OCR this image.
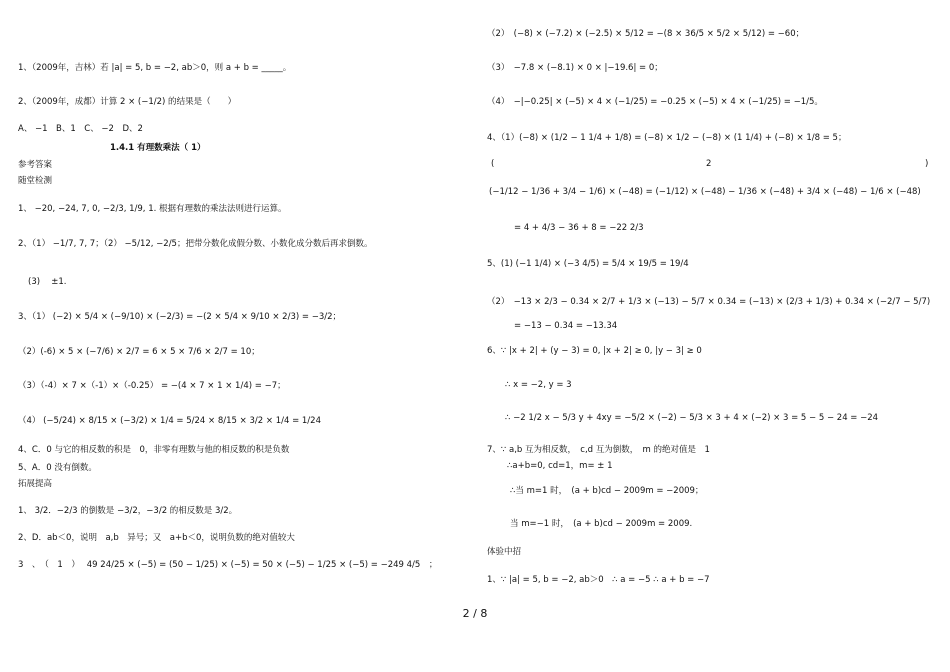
1、（2009年，吉林）若 |a| = 5, b = −2, ab＞0，则 a + b = _____。
2、（2009年，成都）计算 2 × (−1/2) 的结果是（　　）
A、 −1　B、1　C、 −2　D、2
1.4.1 有理数乘法（ 1）
参考答案
随堂检测
1、 −20, −24, 7, 0, −2/3, 1/9, 1. 根据有理数的乘法法则进行运算。
2、（1） −1/7, 7, 7；（2） −5/12, −2/5；把带分数化成假分数、小数化成分数后再求倒数。
(3)　 ±1.
3、（1） (−2) × 5/4 × (−9/10) × (−2/3) = −(2 × 5/4 × 9/10 × 2/3) = −3/2；
（2）(-6) × 5 × (−7/6) × 2/7 = 6 × 5 × 7/6 × 2/7 = 10；
（3）（-4）× 7 ×（-1）×（-0.25） = −(4 × 7 × 1 × 1/4) = −7；
（4） (−5/24) × 8/15 × (−3/2) × 1/4 = 5/24 × 8/15 × 3/2 × 1/4 = 1/24
4、C．0 与它的相反数的积是　0，非零有理数与他的相反数的积是负数
5、A．0 没有倒数。
拓展提高
1、 3/2．−2/3 的倒数是 −3/2，−3/2 的相反数是 3/2。
2、D．ab＜0，说明　a,b　异号；又　a+b＜0，说明负数的绝对值较大
3　、　（　1　）　 49 24/25 × (−5) = (50 − 1/25) × (−5) = 50 × (−5) − 1/25 × (−5) = −249 4/5　；
（2）　(−8) × (−7.2) × (−2.5) × 5/12 = −(8 × 36/5 × 5/2 × 5/12) = −60；
（3）　−7.8 × (−8.1) × 0 × |−19.6| = 0；
（4）　−|−0.25| × (−5) × 4 × (−1/25) = −0.25 × (−5) × 4 × (−1/25) = −1/5。
4、（1）(−8) × (1/2 − 1 1/4 + 1/8) = (−8) × 1/2 − (−8) × (1 1/4) + (−8) × 1/8 = 5；
(	2	)
(−1/12 − 1/36 + 3/4 − 1/6) × (−48) = (−1/12) × (−48) − 1/36 × (−48) + 3/4 × (−48) − 1/6 × (−48)
= 4 + 4/3 − 36 + 8 = −22 2/3
5、(1) (−1 1/4) × (−3 4/5) = 5/4 × 19/5 = 19/4
（2）　−13 × 2/3 − 0.34 × 2/7 + 1/3 × (−13) − 5/7 × 0.34 = (−13) × (2/3 + 1/3) + 0.34 × (−2/7 − 5/7)
= −13 − 0.34 = −13.34
6、∵ |x + 2| + (y − 3) = 0, |x + 2| ≥ 0, |y − 3| ≥ 0
∴ x = −2, y = 3
∴ −2 1/2 x − 5/3 y + 4xy = −5/2 × (−2) − 5/3 × 3 + 4 × (−2) × 3 = 5 − 5 − 24 = −24
7、∵ a,b 互为相反数，　c,d 互为倒数，　m 的绝对值是　1
∴a+b=0, cd=1，m= ± 1
∴当 m=1 时，　(a + b)cd − 2009m = −2009；
当 m=−1 时，　(a + b)cd − 2009m = 2009.
体验中招
1、∵ |a| = 5, b = −2, ab＞0　∴ a = −5 ∴ a + b = −7
2 / 8
